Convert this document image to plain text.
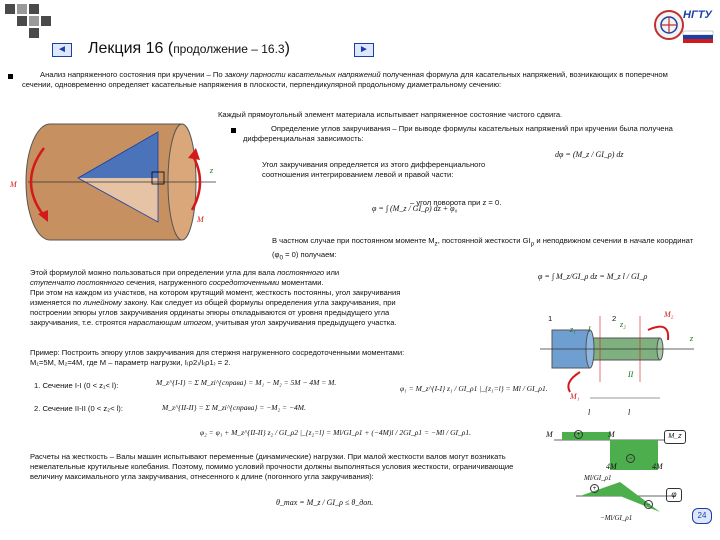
НГТУ
◄	Лекция 16 (продолжение – 16.3)	►
Анализ напряженного состояния при кручении – По закону парности касательных напряжений полученная формула для касательных напряжений, возникающих в поперечном сечении, одновременно определяет касательные напряжения в плоскости, перпендикулярной продольному диаметральному сечению:
Каждый прямоугольный элемент материала испытывает напряженное состояние чистого сдвига.
M
z
M
Определение углов закручивания – При выводе формулы касательных напряжений при кручении была получена дифференциальная зависимость:
dφ = (M_z / GI_ρ) dz
Угол закручивания определяется из этого дифференциального соотношения интегрированием левой и правой части:
φ = ∫ (M_z / GI_ρ) dz + φ₀
– угол поворота при z = 0.
В частном случае при постоянном моменте $M_z$, постоянной жесткости $GI_\rho$ и неподвижном сечении в начале координат $(\varphi_0 = 0)$ получаем:
φ = ∫ M_z/GI_ρ dz = M_z l / GI_ρ
Этой формулой можно пользоваться при определении угла для вала постоянного или
ступенчато постоянного сечения, нагруженного сосредоточенными моментами.
При этом на каждом из участков, на котором крутящий момент, жесткость постоянны, угол закручивания
изменяется по линейному закону. Как следует из общей формулы определения угла закручивания, при
построении эпюры углов закручивания ординаты эпюры откладываются от уровня предыдущего угла
закручивания, т.е. строятся нарастающим итогом, учитывая угол закручивания предыдущего участка.
Пример: Построить эпюру углов закручивания для стержня нагруженного сосредоточенными моментами:
M₁=5M, M₂=4M, где M – параметр нагрузки, I₍ρ2₎/I₍ρ1₎ = 2.
1. Сечение I-I (0 < z₁< l):	M_z^{I-I} = Σ M_zi^{справа} = M₁ − M₂ = 5M − 4M = M.
φ₁ = M_z^{I-I} z₁ / GI_ρ1 |_{z₁=l} = Ml / GI_ρ1.
2. Сечение II-II (0 < z₂< l):	M_z^{II-II} = Σ M_zi^{справа} = −M₂ = −4M.
φ₂ = φ₁ + M_z^{II-II} z₂ / GI_ρ2 |_{z₂=l} = Ml/GI_ρ1 + (−4M)l / 2GI_ρ1 = −Ml / GI_ρ1.
Расчеты на жесткость – Валы машин испытывают переменные (динамические) нагрузки. При малой жесткости валов могут возникать нежелательные крутильные колебания. Поэтому, помимо условий прочности должны выполняться условия жесткости, ограничивающие величину максимального угла закручивания, отнесенного к длине (погонного угла закручивания):
θ_max = M_z / GI_ρ ≤ θ_доп.
1	2
z₁
z₂
I
II
M₁
M₂
z
l	l
M	M
+
−
4M	4M
M_z
Ml/GI_ρ1
+
−
−Ml/GI_ρ1
φ
24
